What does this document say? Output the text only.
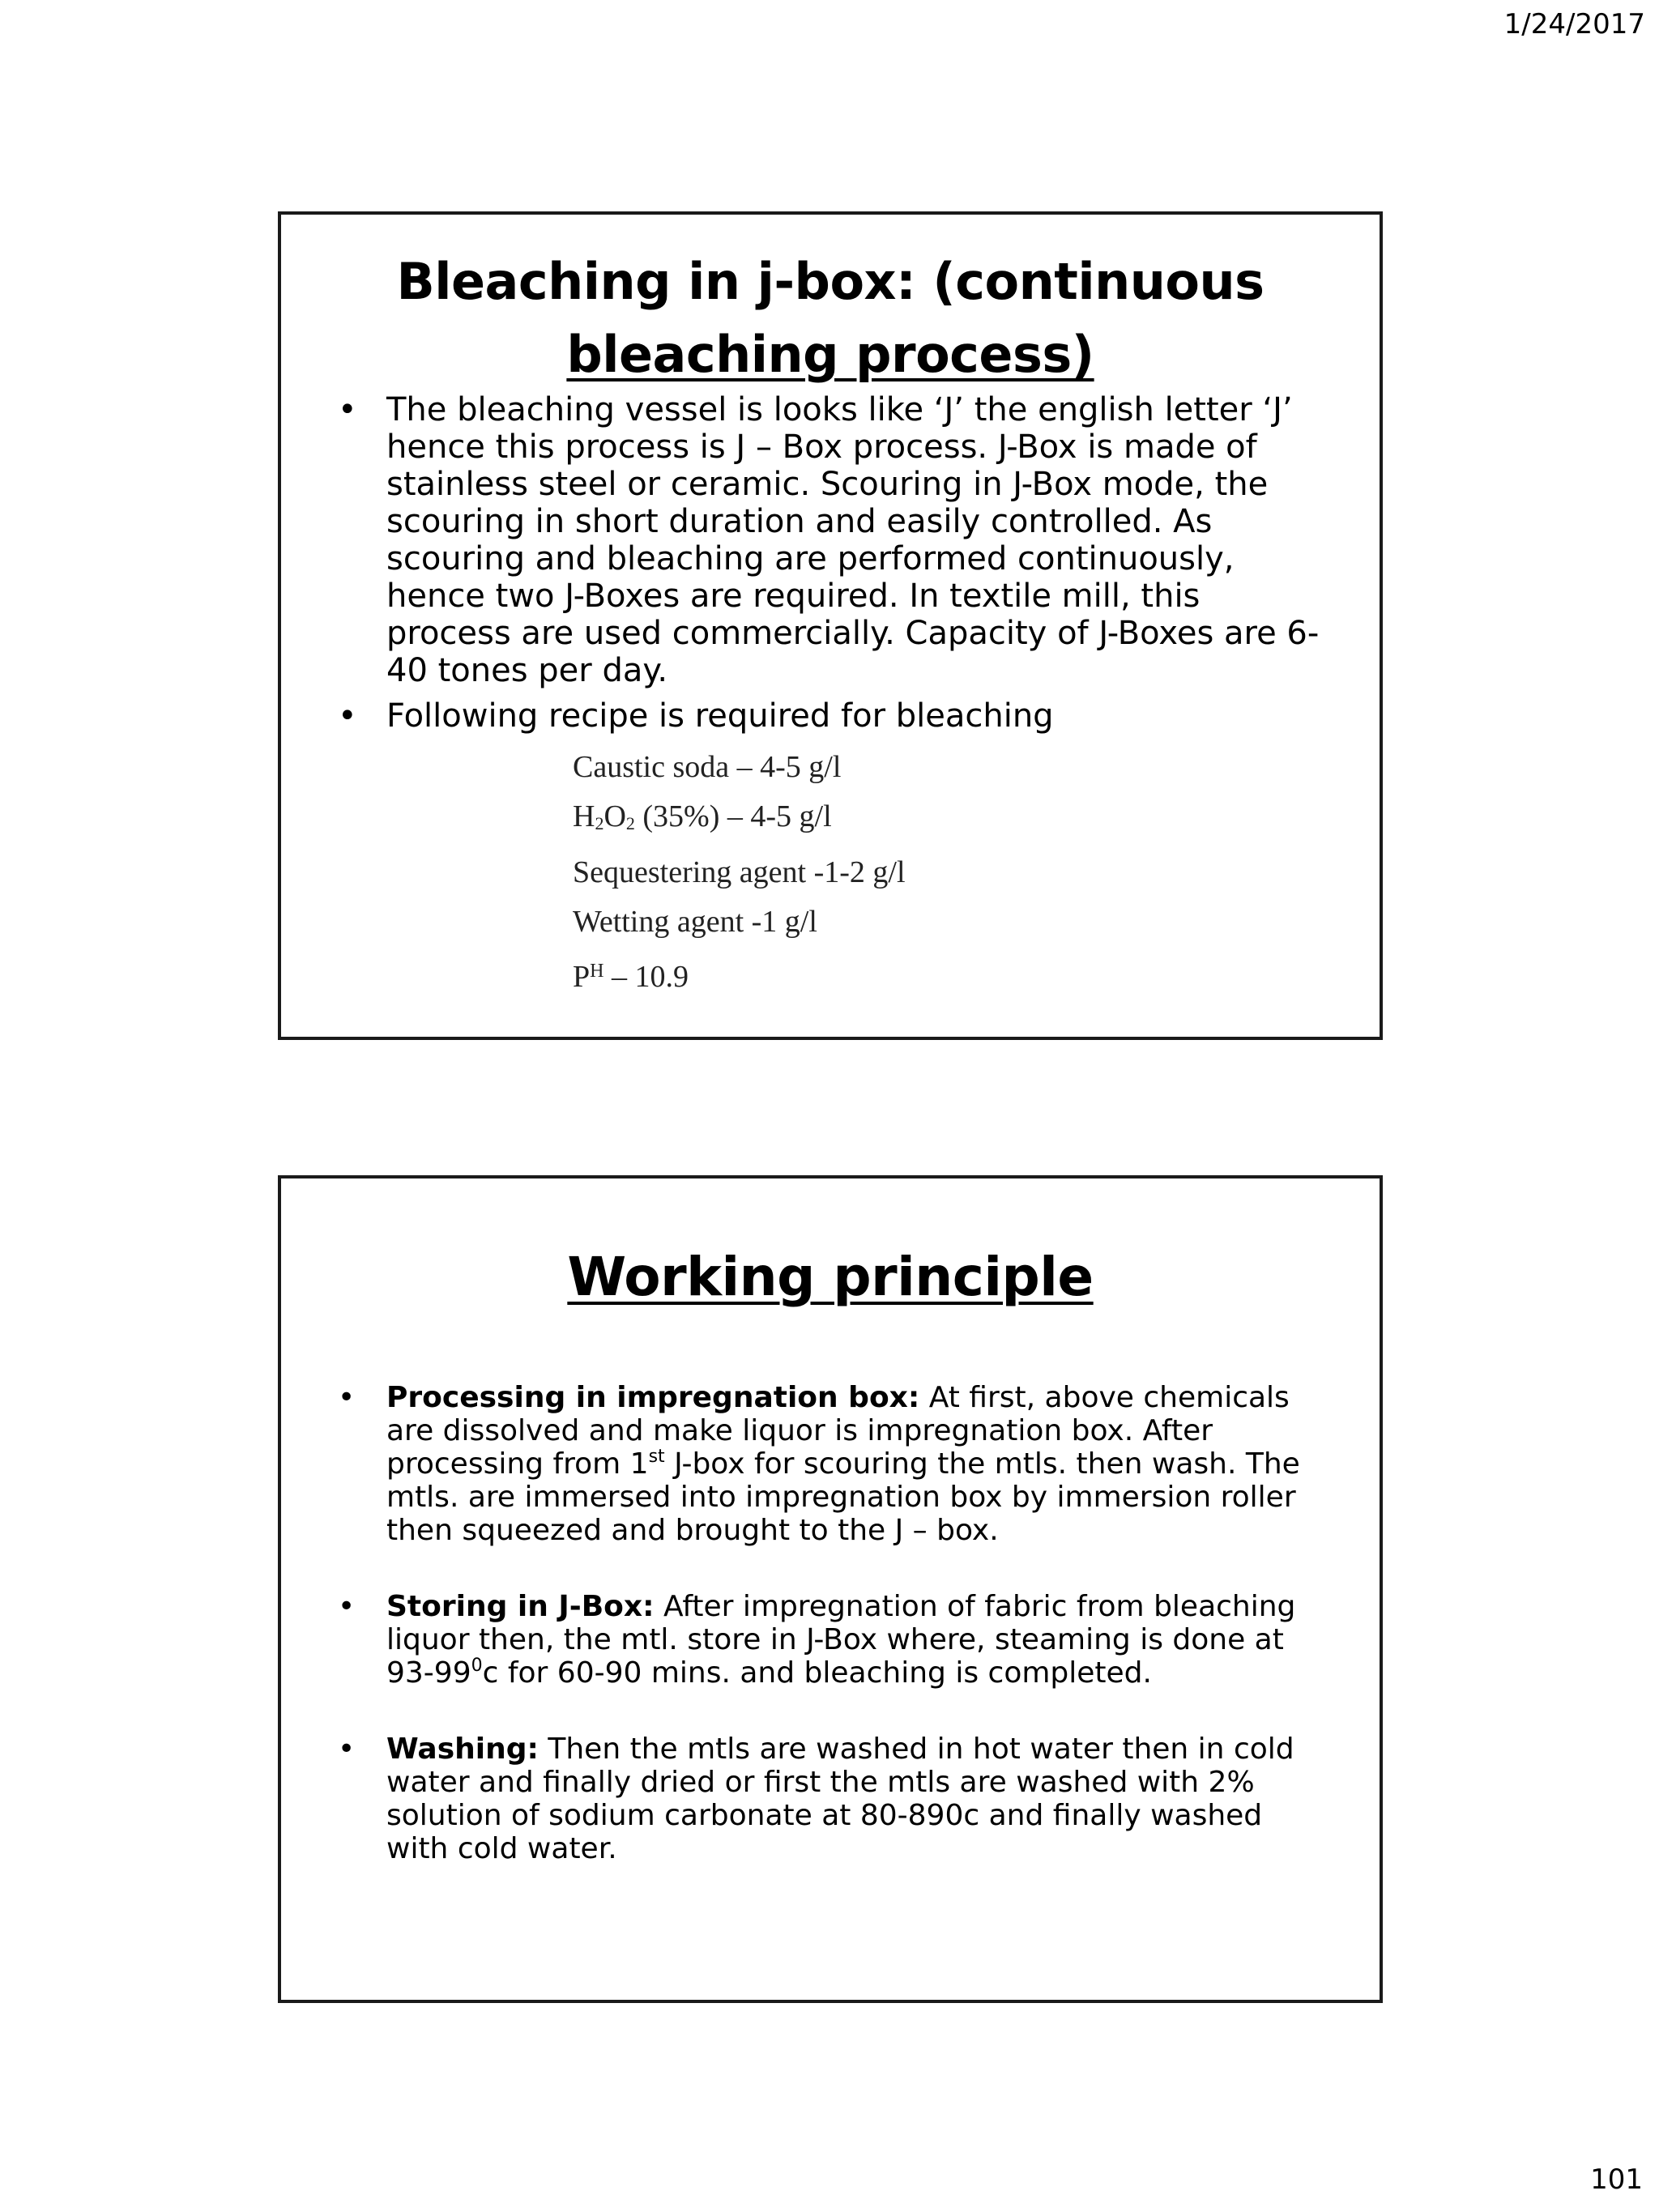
1/24/2017
Bleaching in j-box: (continuous
bleaching process)
• The bleaching vessel is looks like ‘J’ the english letter ‘J’ hence this process is J – Box process. J-Box is made of stainless steel or ceramic. Scouring in J-Box mode, the scouring in short duration and easily controlled. As scouring and bleaching are performed continuously, hence two J-Boxes are required. In textile mill, this process are used commercially. Capacity of J-Boxes are 6-40 tones per day.
• Following recipe is required for bleaching
Caustic soda – 4-5 g/l
$H_2O_2$ (35%) – 4-5 g/l
Sequestering agent -1-2 g/l
Wetting agent -1 g/l
$P^H - 10.9$
Working principle
• Processing in impregnation box: At first, above chemicals are dissolved and make liquor is impregnation box. After processing from 1st J-box for scouring the mtls. then wash. The mtls. are immersed into impregnation box by immersion roller then squeezed and brought to the J – box.
• Storing in J-Box: After impregnation of fabric from bleaching liquor then, the mtl. store in J-Box where, steaming is done at $93-99^0c$ for 60-90 mins. and bleaching is completed.
• Washing: Then the mtls are washed in hot water then in cold water and finally dried or first the mtls are washed with 2% solution of sodium carbonate at 80-890c and finally washed with cold water.
101
